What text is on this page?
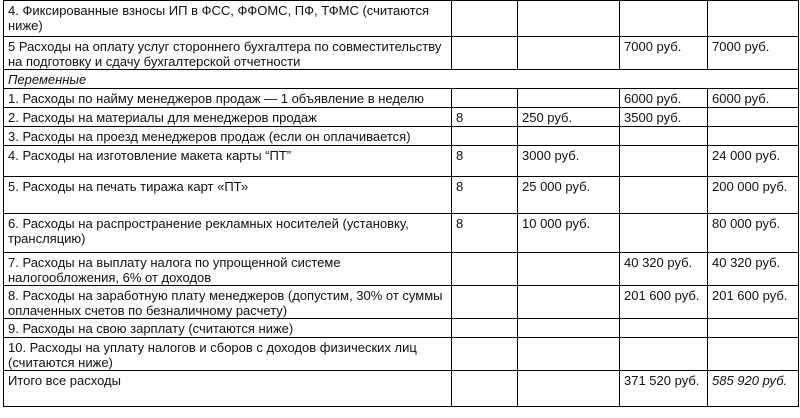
4. Фиксированные взносы ИП в ФСС, ФФОМС, ПФ, ТФМС (считаются ниже)				
5 Расходы на оплату услуг стороннего бухгалтера по совместительству на подготовку и сдачу бухгалтерской отчетности			7000 руб.	7000 руб.
Переменные				
1. Расходы по найму менеджеров продаж — 1 объявление в неделю			6000 руб.	6000 руб.
2. Расходы на материалы для менеджеров продаж	8	250 руб.	3500 руб.	
3. Расходы на проезд менеджеров продаж (если он оплачивается)				
4. Расходы на изготовление макета карты “ПТ”	8	3000 руб.		24 000 руб.
5. Расходы на печать тиража карт «ПТ»	8	25 000 руб.		200 000 руб.
6. Расходы на распространение рекламных носителей (установку, трансляцию)	8	10 000 руб.		80 000 руб.
7. Расходы на выплату налога по упрощенной системе налогообложения, 6% от доходов			40 320 руб.	40 320 руб.
8. Расходы на заработную плату менеджеров (допустим, 30% от суммы оплаченных счетов по безналичному расчету)			201 600 руб.	201 600 руб.
9. Расходы на свою зарплату (считаются ниже)				
10. Расходы на уплату налогов и сборов с доходов физических лиц (считаются ниже)				
Итого все расходы			371 520 руб.	585 920 руб.
